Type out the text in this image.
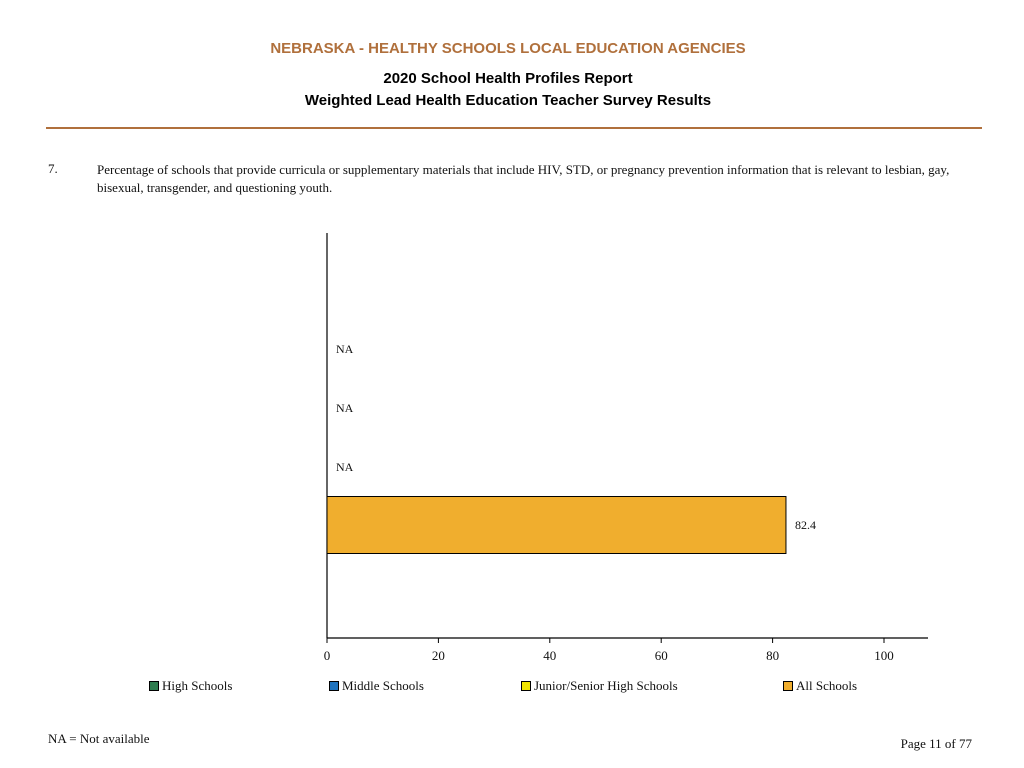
NEBRASKA - HEALTHY SCHOOLS LOCAL EDUCATION AGENCIES
2020 School Health Profiles Report
Weighted Lead Health Education Teacher Survey Results
7.	Percentage of schools that provide curricula or supplementary materials that include HIV, STD, or pregnancy prevention information that is relevant to lesbian, gay, bisexual, transgender, and questioning youth.
0	20	40	60	80	100
NA
NA
NA
82.4
High Schools	Middle Schools	Junior/Senior High Schools	All Schools
NA = Not available	Page 11 of 77
